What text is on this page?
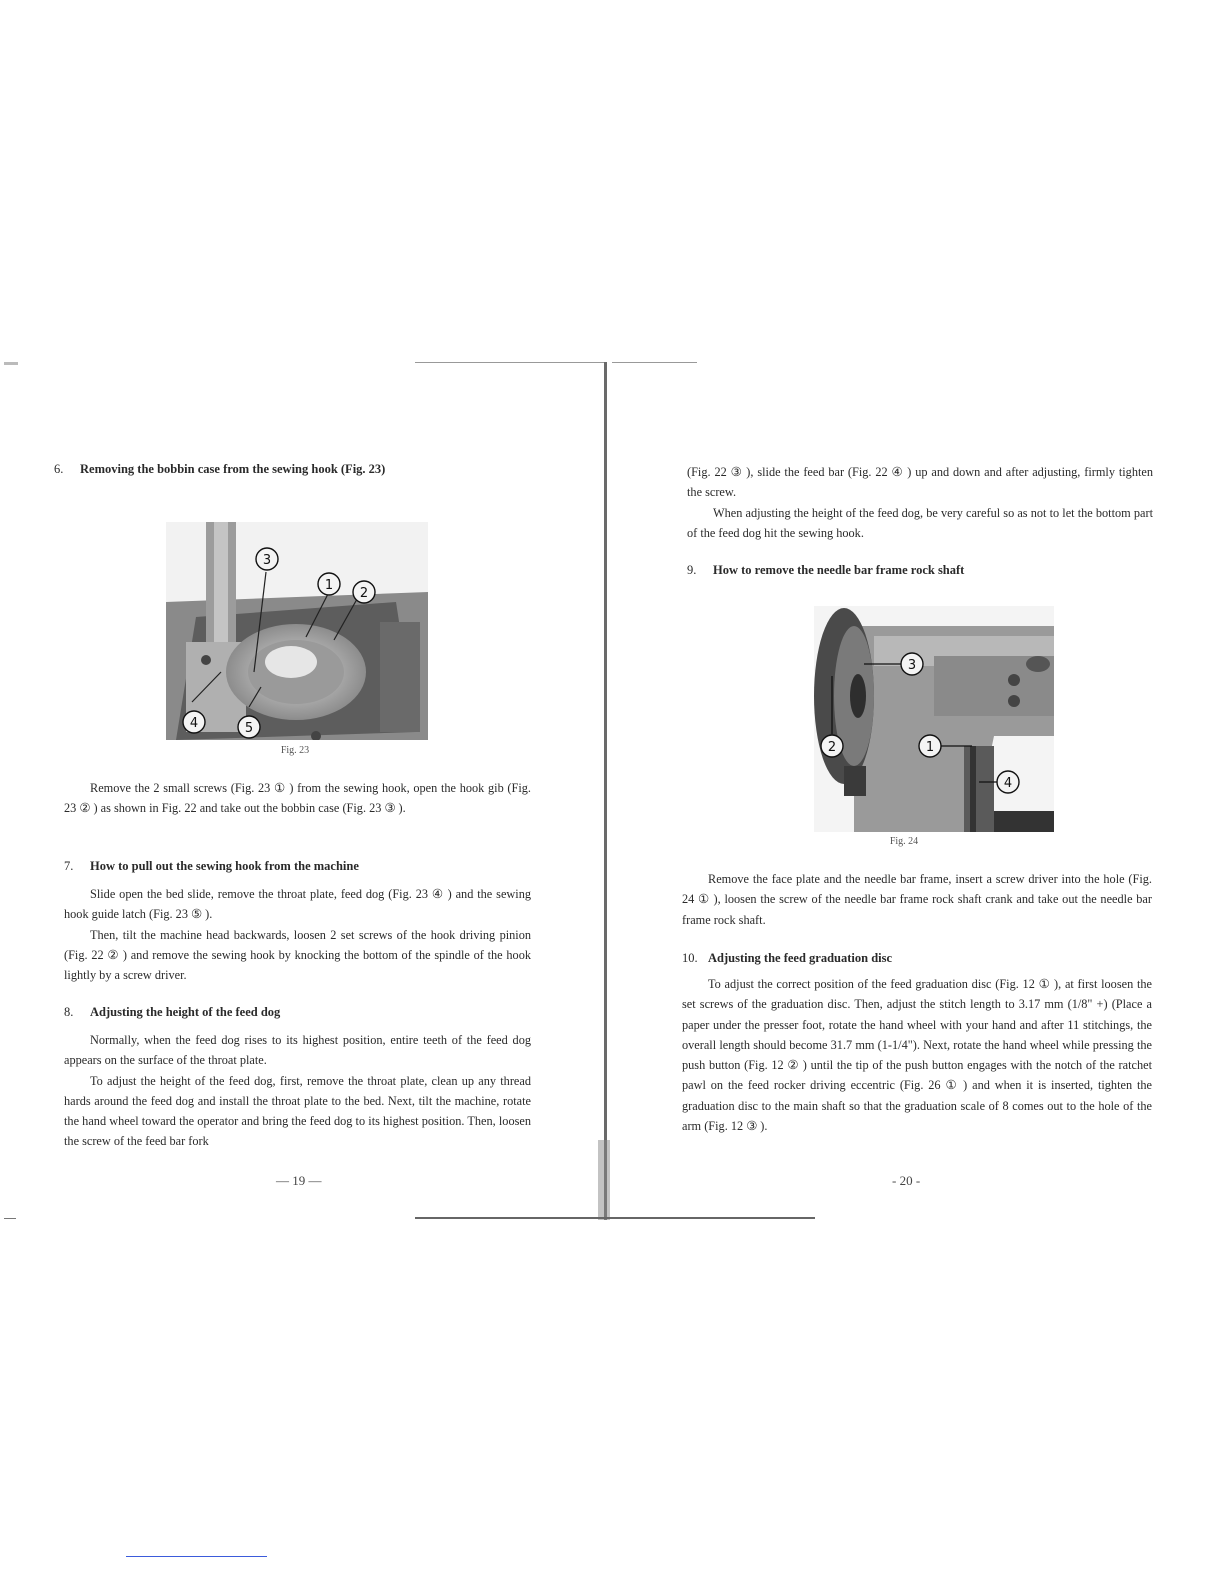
6. Removing the bobbin case from the sewing hook (Fig. 23)
3
1
2
4	5
Fig. 23

Remove the 2 small screws (Fig. 23 ① ) from the sewing hook, open the hook gib (Fig. 23 ② ) as shown in Fig. 22 and take out the bobbin case (Fig. 23 ③ ).

7. How to pull out the sewing hook from the machine

Slide open the bed slide, remove the throat plate, feed dog (Fig. 23 ④ ) and the sewing hook guide latch (Fig. 23 ⑤ ).

Then, tilt the machine head backwards, loosen 2 set screws of the hook driving pinion (Fig. 22 ② ) and remove the sewing hook by knocking the bottom of the spindle of the hook lightly by a screw driver.

8. Adjusting the height of the feed dog

Normally, when the feed dog rises to its highest position, entire teeth of the feed dog appears on the surface of the throat plate.

To adjust the height of the feed dog, first, remove the throat plate, clean up any thread hards around the feed dog and install the throat plate to the bed. Next, tilt the machine, rotate the hand wheel toward the operator and bring the feed dog to its highest position. Then, loosen the screw of the feed bar fork

— 19 —

(Fig. 22 ③ ), slide the feed bar (Fig. 22 ④ ) up and down and after adjusting, firmly tighten the screw.

When adjusting the height of the feed dog, be very careful so as not to let the bottom part of the feed dog hit the sewing hook.

9. How to remove the needle bar frame rock shaft
3
2	1
4
Fig. 24

Remove the face plate and the needle bar frame, insert a screw driver into the hole (Fig. 24 ① ), loosen the screw of the needle bar frame rock shaft crank and take out the needle bar frame rock shaft.

10. Adjusting the feed graduation disc

To adjust the correct position of the feed graduation disc (Fig. 12 ① ), at first loosen the set screws of the graduation disc. Then, adjust the stitch length to 3.17 mm (1/8" +) (Place a paper under the presser foot, rotate the hand wheel with your hand and after 11 stitchings, the overall length should become 31.7 mm (1-1/4"). Next, rotate the hand wheel while pressing the push button (Fig. 12 ② ) until the tip of the push button engages with the notch of the ratchet pawl on the feed rocker driving eccentric (Fig. 26 ① ) and when it is inserted, tighten the graduation disc to the main shaft so that the graduation scale of 8 comes out to the hole of the arm (Fig. 12 ③ ).

- 20 -
